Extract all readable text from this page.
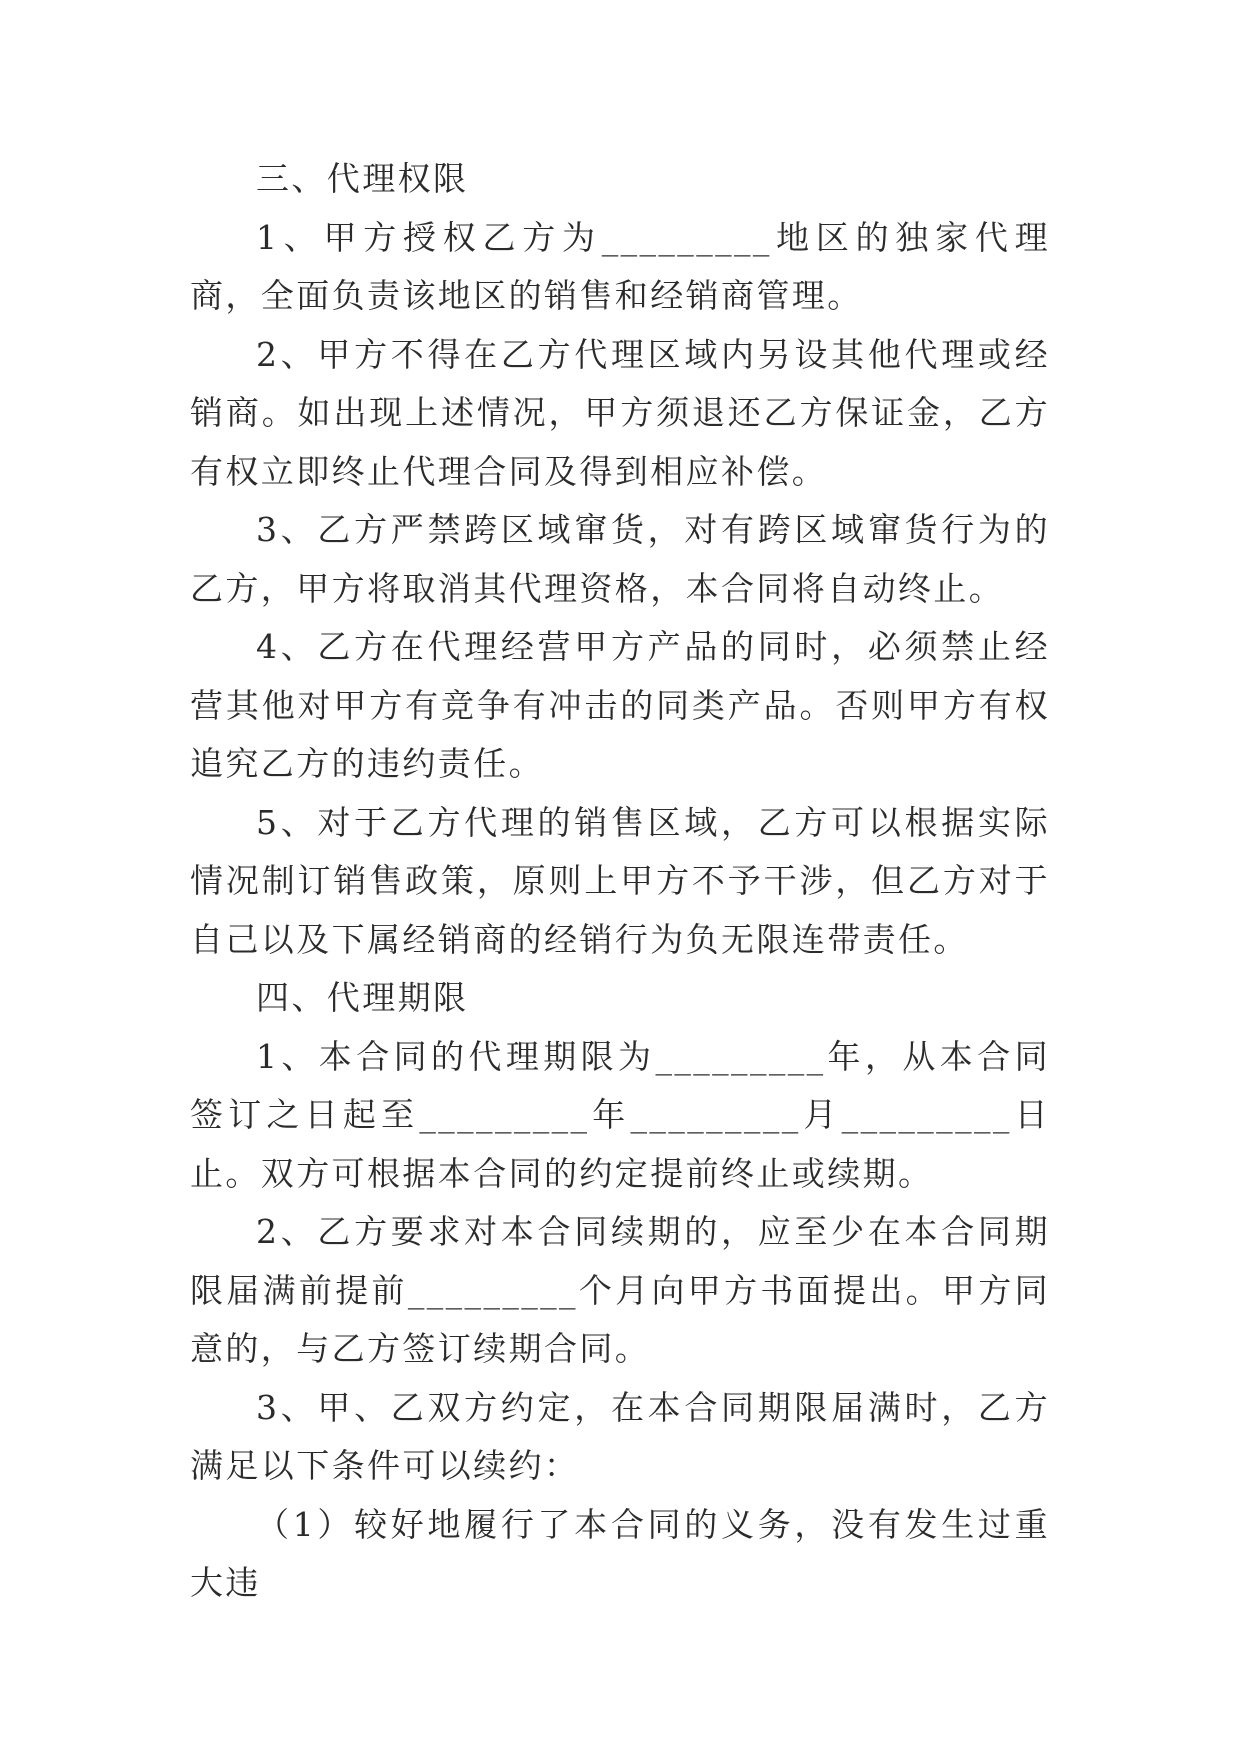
三、代理权限

1、甲方授权乙方为_________地区的独家代理商，全面负责该地区的销售和经销商管理。

2、甲方不得在乙方代理区域内另设其他代理或经销商。如出现上述情况，甲方须退还乙方保证金，乙方有权立即终止代理合同及得到相应补偿。

3、乙方严禁跨区域窜货，对有跨区域窜货行为的乙方，甲方将取消其代理资格，本合同将自动终止。

4、乙方在代理经营甲方产品的同时，必须禁止经营其他对甲方有竞争有冲击的同类产品。否则甲方有权追究乙方的违约责任。

5、对于乙方代理的销售区域，乙方可以根据实际情况制订销售政策，原则上甲方不予干涉，但乙方对于自己以及下属经销商的经销行为负无限连带责任。

四、代理期限

1、本合同的代理期限为_________年，从本合同签订之日起至_________年_________月_________日止。双方可根据本合同的约定提前终止或续期。

2、乙方要求对本合同续期的，应至少在本合同期限届满前提前_________个月向甲方书面提出。甲方同意的，与乙方签订续期合同。

3、甲、乙双方约定，在本合同期限届满时，乙方满足以下条件可以续约：

（1）较好地履行了本合同的义务，没有发生过重大违
